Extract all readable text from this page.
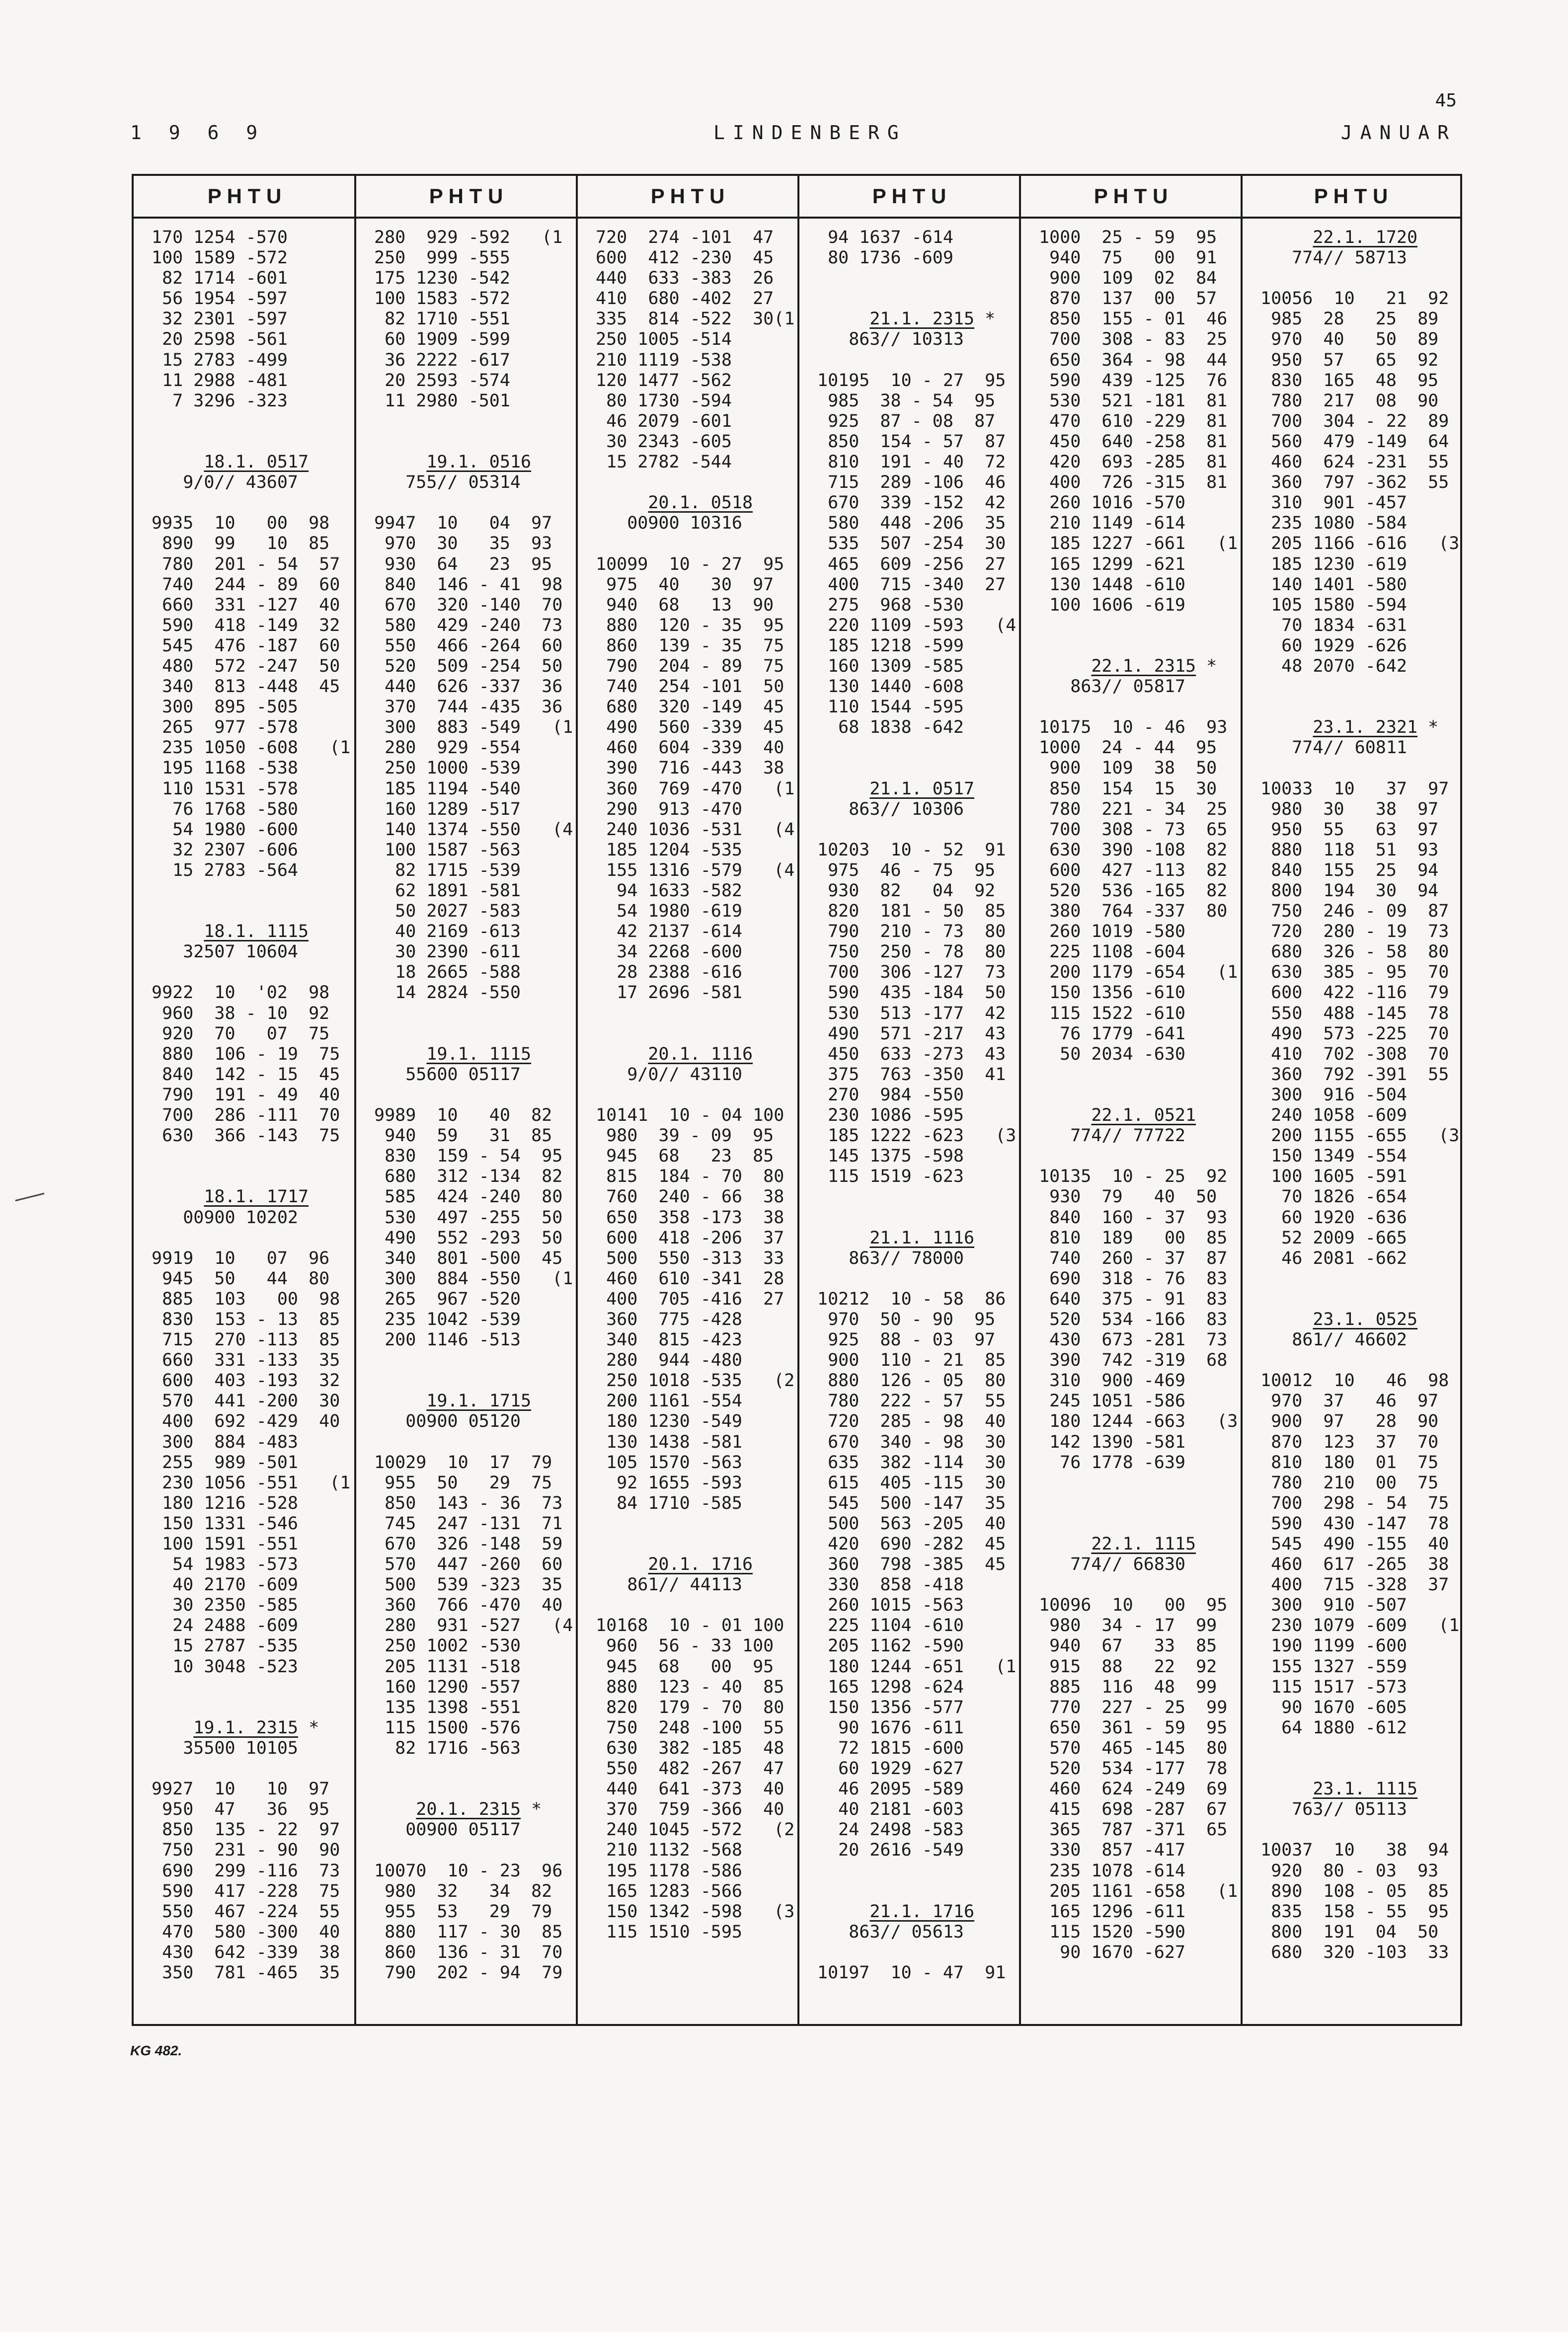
45
1 9 6 9	LINDENBERG	JANUAR
P H T U	P H T U	P H T U	P H T U	P H T U	P H T U
170 1254 -570
100 1589 -572
82 1714 -601
56 1954 -597
32 2301 -597
20 2598 -561
15 2783 -499
11 2988 -481
7 3296 -323
18.1. 0517
9/0// 43607
9935  10   00  98
890  99   10  85
780  201 - 54  57
740  244 - 89  60
660  331 -127  40
590  418 -149  32
545  476 -187  60
480  572 -247  50
340  813 -448  45
300  895 -505
265  977 -578
235 1050 -608   (1
195 1168 -538
110 1531 -578
76 1768 -580
54 1980 -600
32 2307 -606
15 2783 -564
18.1. 1115
32507 10604
9922  10  '02  98
960  38 - 10  92
920  70   07  75
880  106 - 19  75
840  142 - 15  45
790  191 - 49  40
700  286 -111  70
630  366 -143  75
18.1. 1717
00900 10202
9919  10   07  96
945  50   44  80
885  103   00  98
830  153 - 13  85
715  270 -113  85
660  331 -133  35
600  403 -193  32
570  441 -200  30
400  692 -429  40
300  884 -483
255  989 -501
230 1056 -551   (1
180 1216 -528
150 1331 -546
100 1591 -551
54 1983 -573
40 2170 -609
30 2350 -585
24 2488 -609
15 2787 -535
10 3048 -523
19.1. 2315 *
35500 10105
9927  10   10  97
950  47   36  95
850  135 - 22  97
750  231 - 90  90
690  299 -116  73
590  417 -228  75
550  467 -224  55
470  580 -300  40
430  642 -339  38
350  781 -465  35
280  929 -592   (1
250  999 -555
175 1230 -542
100 1583 -572
82 1710 -551
60 1909 -599
36 2222 -617
20 2593 -574
11 2980 -501
19.1. 0516
755// 05314
9947  10   04  97
970  30   35  93
930  64   23  95
840  146 - 41  98
670  320 -140  70
580  429 -240  73
550  466 -264  60
520  509 -254  50
440  626 -337  36
370  744 -435  36
300  883 -549   (1
280  929 -554
250 1000 -539
185 1194 -540
160 1289 -517
140 1374 -550   (4
100 1587 -563
82 1715 -539
62 1891 -581
50 2027 -583
40 2169 -613
30 2390 -611
18 2665 -588
14 2824 -550
19.1. 1115
55600 05117
9989  10   40  82
940  59   31  85
830  159 - 54  95
680  312 -134  82
585  424 -240  80
530  497 -255  50
490  552 -293  50
340  801 -500  45
300  884 -550   (1
265  967 -520
235 1042 -539
200 1146 -513
19.1. 1715
00900 05120
10029  10  17  79
955  50   29  75
850  143 - 36  73
745  247 -131  71
670  326 -148  59
570  447 -260  60
500  539 -323  35
360  766 -470  40
280  931 -527   (4
250 1002 -530
205 1131 -518
160 1290 -557
135 1398 -551
115 1500 -576
82 1716 -563
20.1. 2315 *
00900 05117
10070  10 - 23  96
980  32   34  82
955  53   29  79
880  117 - 30  85
860  136 - 31  70
790  202 - 94  79
720  274 -101  47
600  412 -230  45
440  633 -383  26
410  680 -402  27
335  814 -522  30(1
250 1005 -514
210 1119 -538
120 1477 -562
80 1730 -594
46 2079 -601
30 2343 -605
15 2782 -544
20.1. 0518
00900 10316
10099  10 - 27  95
975  40   30  97
940  68   13  90
880  120 - 35  95
860  139 - 35  75
790  204 - 89  75
740  254 -101  50
680  320 -149  45
490  560 -339  45
460  604 -339  40
390  716 -443  38
360  769 -470   (1
290  913 -470
240 1036 -531   (4
185 1204 -535
155 1316 -579   (4
94 1633 -582
54 1980 -619
42 2137 -614
34 2268 -600
28 2388 -616
17 2696 -581
20.1. 1116
9/0// 43110
10141  10 - 04 100
980  39 - 09  95
945  68   23  85
815  184 - 70  80
760  240 - 66  38
650  358 -173  38
600  418 -206  37
500  550 -313  33
460  610 -341  28
400  705 -416  27
360  775 -428
340  815 -423
280  944 -480
250 1018 -535   (2
200 1161 -554
180 1230 -549
130 1438 -581
105 1570 -563
92 1655 -593
84 1710 -585
20.1. 1716
861// 44113
10168  10 - 01 100
960  56 - 33 100
945  68   00  95
880  123 - 40  85
820  179 - 70  80
750  248 -100  55
630  382 -185  48
550  482 -267  47
440  641 -373  40
370  759 -366  40
240 1045 -572   (2
210 1132 -568
195 1178 -586
165 1283 -566
150 1342 -598   (3
115 1510 -595
94 1637 -614
80 1736 -609
21.1. 2315 *
863// 10313
10195  10 - 27  95
985  38 - 54  95
925  87 - 08  87
850  154 - 57  87
810  191 - 40  72
715  289 -106  46
670  339 -152  42
580  448 -206  35
535  507 -254  30
465  609 -256  27
400  715 -340  27
275  968 -530
220 1109 -593   (4
185 1218 -599
160 1309 -585
130 1440 -608
110 1544 -595
68 1838 -642
21.1. 0517
863// 10306
10203  10 - 52  91
975  46 - 75  95
930  82   04  92
820  181 - 50  85
790  210 - 73  80
750  250 - 78  80
700  306 -127  73
590  435 -184  50
530  513 -177  42
490  571 -217  43
450  633 -273  43
375  763 -350  41
270  984 -550
230 1086 -595
185 1222 -623   (3
145 1375 -598
115 1519 -623
21.1. 1116
863// 78000
10212  10 - 58  86
970  50 - 90  95
925  88 - 03  97
900  110 - 21  85
880  126 - 05  80
780  222 - 57  55
720  285 - 98  40
670  340 - 98  30
635  382 -114  30
615  405 -115  30
545  500 -147  35
500  563 -205  40
420  690 -282  45
360  798 -385  45
330  858 -418
260 1015 -563
225 1104 -610
205 1162 -590
180 1244 -651   (1
165 1298 -624
150 1356 -577
90 1676 -611
72 1815 -600
60 1929 -627
46 2095 -589
40 2181 -603
24 2498 -583
20 2616 -549
21.1. 1716
863// 05613
10197  10 - 47  91
1000  25 - 59  95
940  75   00  91
900  109  02  84
870  137  00  57
850  155 - 01  46
700  308 - 83  25
650  364 - 98  44
590  439 -125  76
530  521 -181  81
470  610 -229  81
450  640 -258  81
420  693 -285  81
400  726 -315  81
260 1016 -570
210 1149 -614
185 1227 -661   (1
165 1299 -621
130 1448 -610
100 1606 -619
22.1. 2315 *
863// 05817
10175  10 - 46  93
1000  24 - 44  95
900  109  38  50
850  154  15  30
780  221 - 34  25
700  308 - 73  65
630  390 -108  82
600  427 -113  82
520  536 -165  82
380  764 -337  80
260 1019 -580
225 1108 -604
200 1179 -654   (1
150 1356 -610
115 1522 -610
76 1779 -641
50 2034 -630
22.1. 0521
774// 77722
10135  10 - 25  92
930  79   40  50
840  160 - 37  93
810  189   00  85
740  260 - 37  87
690  318 - 76  83
640  375 - 91  83
520  534 -166  83
430  673 -281  73
390  742 -319  68
310  900 -469
245 1051 -586
180 1244 -663   (3
142 1390 -581
76 1778 -639
22.1. 1115
774// 66830
10096  10   00  95
980  34 - 17  99
940  67   33  85
915  88   22  92
885  116  48  99
770  227 - 25  99
650  361 - 59  95
570  465 -145  80
520  534 -177  78
460  624 -249  69
415  698 -287  67
365  787 -371  65
330  857 -417
235 1078 -614
205 1161 -658   (1
165 1296 -611
115 1520 -590
90 1670 -627
22.1. 1720
774// 58713
10056  10   21  92
985  28   25  89
970  40   50  89
950  57   65  92
830  165  48  95
780  217  08  90
700  304 - 22  89
560  479 -149  64
460  624 -231  55
360  797 -362  55
310  901 -457
235 1080 -584
205 1166 -616   (3
185 1230 -619
140 1401 -580
105 1580 -594
70 1834 -631
60 1929 -626
48 2070 -642
23.1. 2321 *
774// 60811
10033  10   37  97
980  30   38  97
950  55   63  97
880  118  51  93
840  155  25  94
800  194  30  94
750  246 - 09  87
720  280 - 19  73
680  326 - 58  80
630  385 - 95  70
600  422 -116  79
550  488 -145  78
490  573 -225  70
410  702 -308  70
360  792 -391  55
300  916 -504
240 1058 -609
200 1155 -655   (3
150 1349 -554
100 1605 -591
70 1826 -654
60 1920 -636
52 2009 -665
46 2081 -662
23.1. 0525
861// 46602
10012  10   46  98
970  37   46  97
900  97   28  90
870  123  37  70
810  180  01  75
780  210  00  75
700  298 - 54  75
590  430 -147  78
545  490 -155  40
460  617 -265  38
400  715 -328  37
300  910 -507
230 1079 -609   (1
190 1199 -600
155 1327 -559
115 1517 -573
90 1670 -605
64 1880 -612
23.1. 1115
763// 05113
10037  10   38  94
920  80 - 03  93
890  108 - 05  85
835  158 - 55  95
800  191  04  50
680  320 -103  33
KG 482.
